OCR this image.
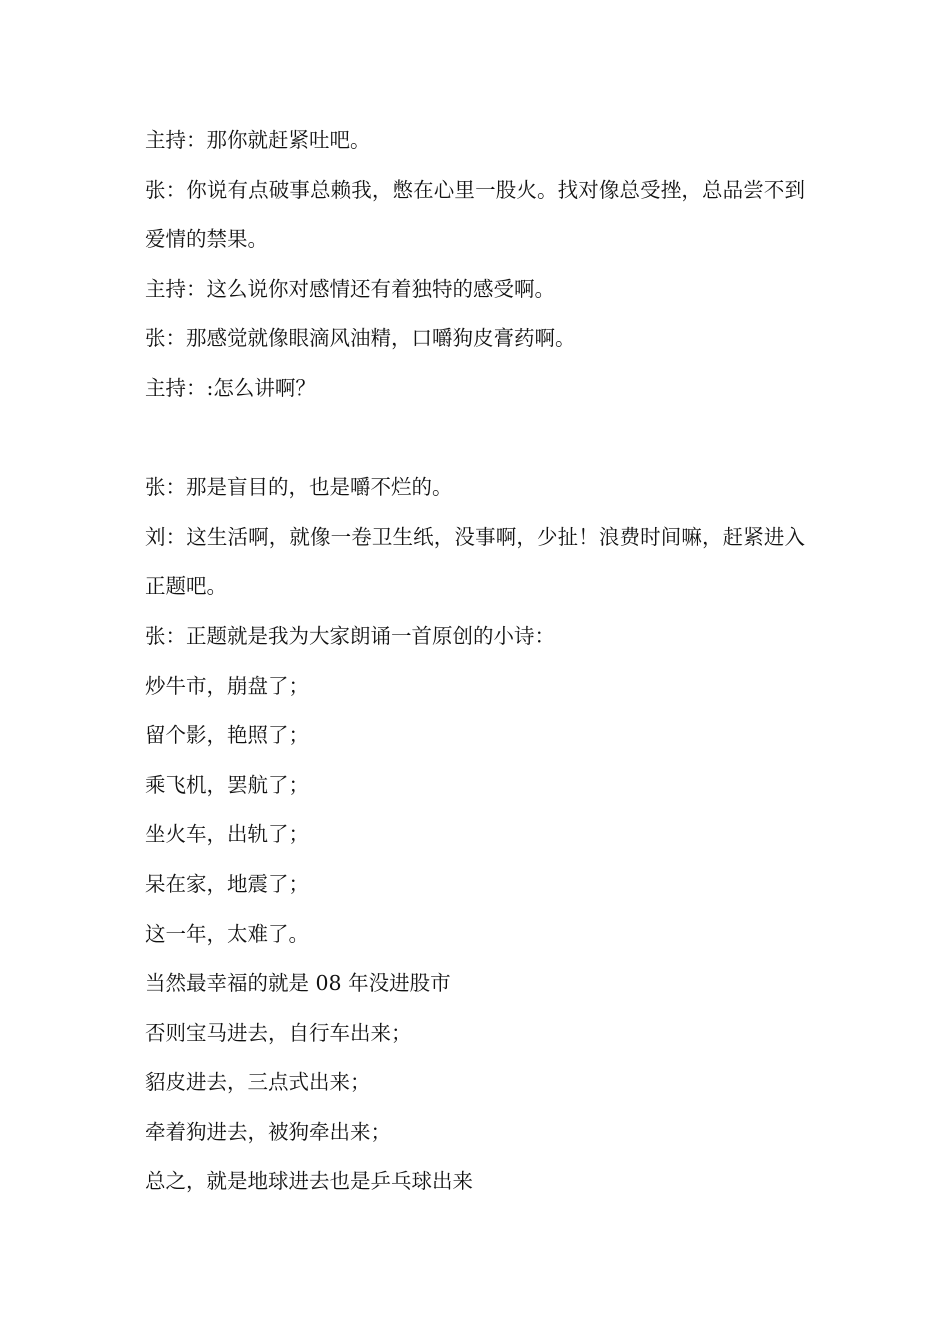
主持：那你就赶紧吐吧。

张：你说有点破事总赖我，憋在心里一股火。找对像总受挫，总品尝不到爱情的禁果。

主持：这么说你对感情还有着独特的感受啊。

张：那感觉就像眼滴风油精，口嚼狗皮膏药啊。

主持：:怎么讲啊？

张：那是盲目的，也是嚼不烂的。

刘：这生活啊，就像一卷卫生纸，没事啊，少扯！浪费时间嘛，赶紧进入正题吧。

张：正题就是我为大家朗诵一首原创的小诗：

炒牛市，崩盘了；

留个影，艳照了；

乘飞机，罢航了；

坐火车，出轨了；

呆在家，地震了；

这一年，太难了。

当然最幸福的就是 08 年没进股市

否则宝马进去，自行车出来；

貂皮进去，三点式出来；

牵着狗进去，被狗牵出来；

总之，就是地球进去也是乒乓球出来
